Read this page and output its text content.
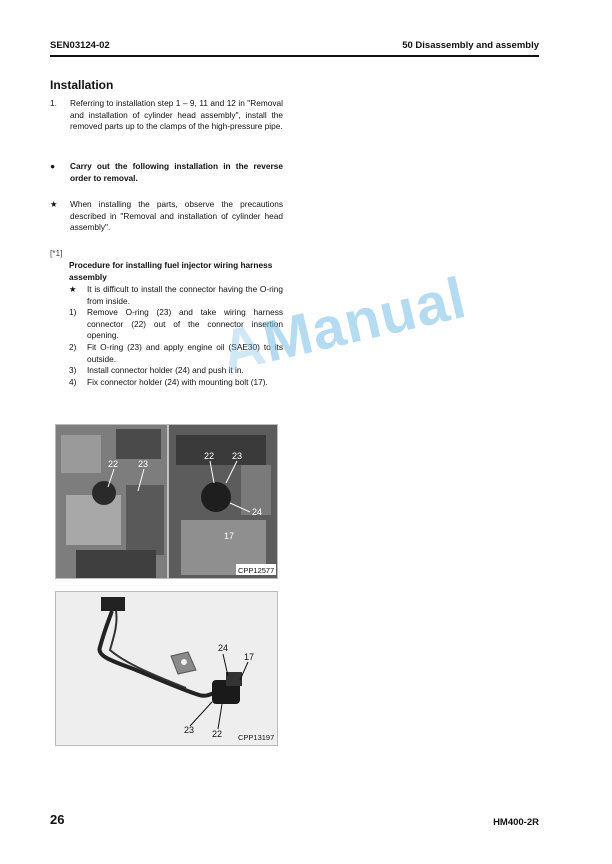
SEN03124-02	50 Disassembly and assembly
Installation
1.	Referring to installation step 1 – 9, 11 and 12 in "Removal and installation of cylinder head assembly", install the removed parts up to the clamps of the high-pressure pipe.
●	Carry out the following installation in the reverse order to removal.
★	When installing the parts, observe the precautions described in "Removal and installation of cylinder head assembly".
[*1]
Procedure for installing fuel injector wiring harness assembly
★	It is difficult to install the connector having the O-ring from inside.
1)	Remove O-ring (23) and take wiring harness connector (22) out of the connector insertion opening.
2)	Fit O-ring (23) and apply engine oil (SAE30) to its outside.
3)	Install connector holder (24) and push it in.
4)	Fix connector holder (24) with mounting bolt (17).
22 23
22 23
24
17
CPP12577
24
17
23 22 CPP13197
AManual
26	HM400-2R
